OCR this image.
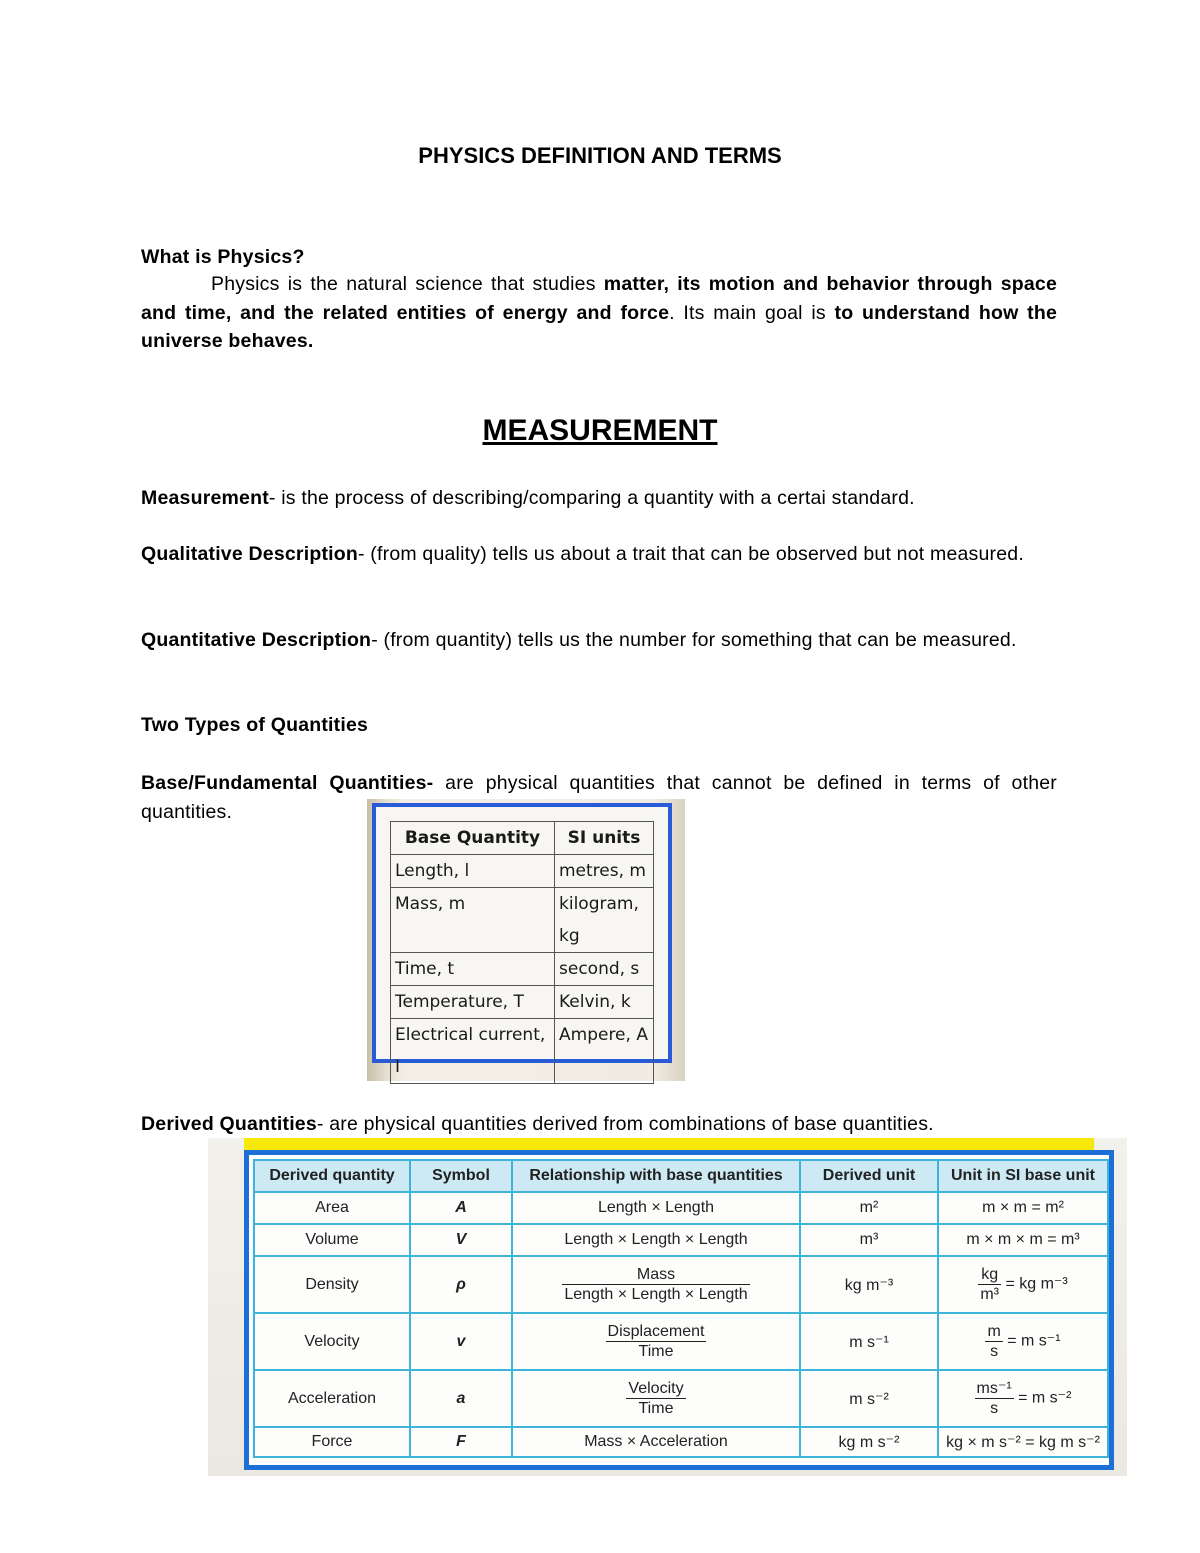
PHYSICS DEFINITION AND TERMS

What is Physics?

Physics is the natural science that studies matter, its motion and behavior through space and time, and the related entities of energy and force. Its main goal is to understand how the universe behaves.

MEASUREMENT

Measurement- is the process of describing/comparing a quantity with a certai standard.

Qualitative Description- (from quality) tells us about a trait that can be observed but not measured.

Quantitative Description- (from quantity) tells us the number for something that can be measured.

Two Types of Quantities

Base/Fundamental Quantities- are physical quantities that cannot be defined in terms of other quantities.

Base Quantity	SI units
Length, l	metres, m
Mass, m	kilogram, kg
Time, t	second, s
Temperature, T	Kelvin, k
Electrical current, I	Ampere, A

Derived Quantities- are physical quantities derived from combinations of base quantities.

Derived quantity	Symbol	Relationship with base quantities	Derived unit	Unit in SI base unit
Area	A	Length × Length	m²	m × m = m²
Volume	V	Length × Length × Length	m³	m × m × m = m³
Density	ρ	$\frac{\text{Mass}}{\text{Length × Length × Length}}$	kg m⁻³	$\frac{kg}{\text{m³}}$ = kg m⁻³
Velocity	v	$\frac{\text{Displacement}}{\text{Time}}$	m s⁻¹	$\frac{m}{s} = m$ s⁻¹
Acceleration	a	$\frac{\text{Velocity}}{\text{Time}}$	m s⁻²	$\frac{\text{ms⁻¹}}{s} = m$ s⁻²
Force	F	Mass × Acceleration	kg m s⁻²	kg × m s⁻² = kg m s⁻²
